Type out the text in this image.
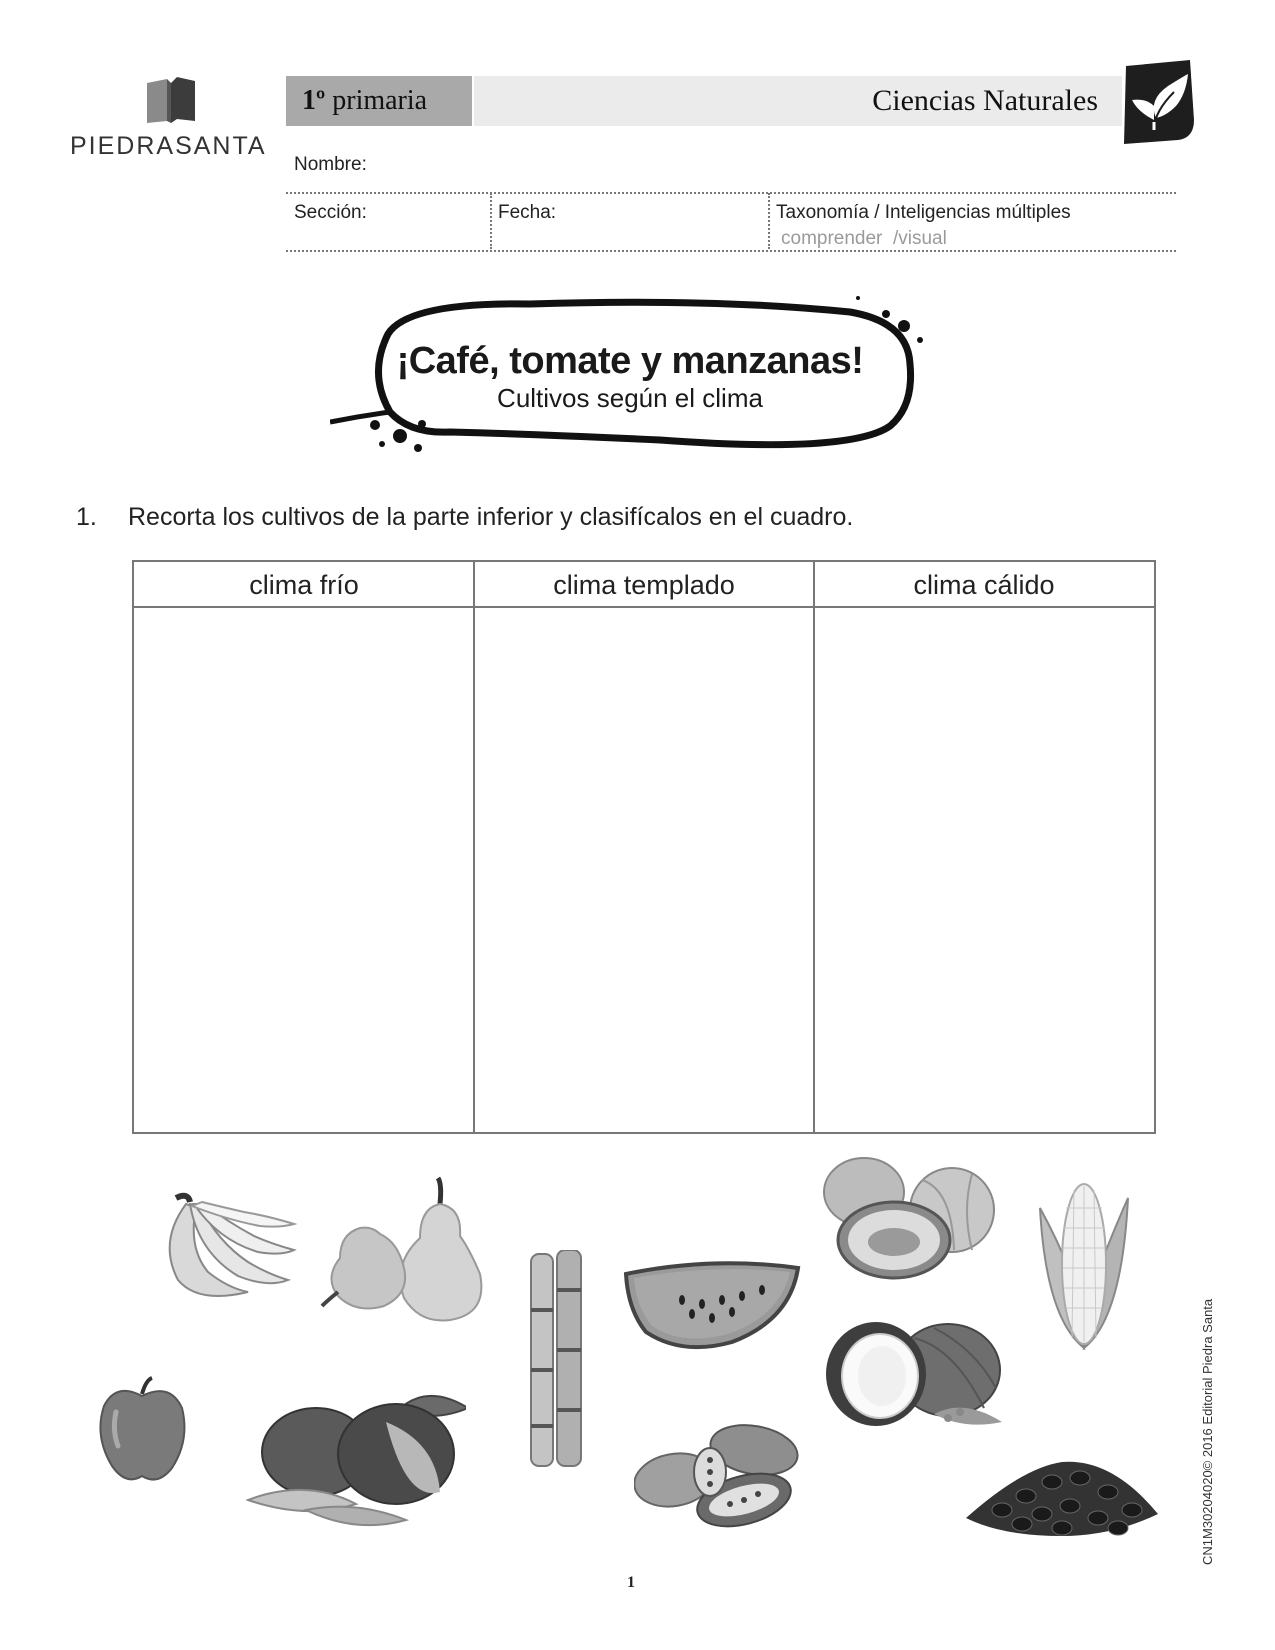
PIEDRASANTA
1º primaria	Ciencias Naturales
Nombre:
Sección:	Fecha:	Taxonomía / Inteligencias múltiples
comprender  /visual
¡Café, tomate y manzanas!
Cultivos según el clima
1. Recorta los cultivos de la parte inferior y clasifícalos en el cuadro.
clima frío	clima templado	clima cálido
1
CN1M30204020© 2016 Editorial Piedra Santa
